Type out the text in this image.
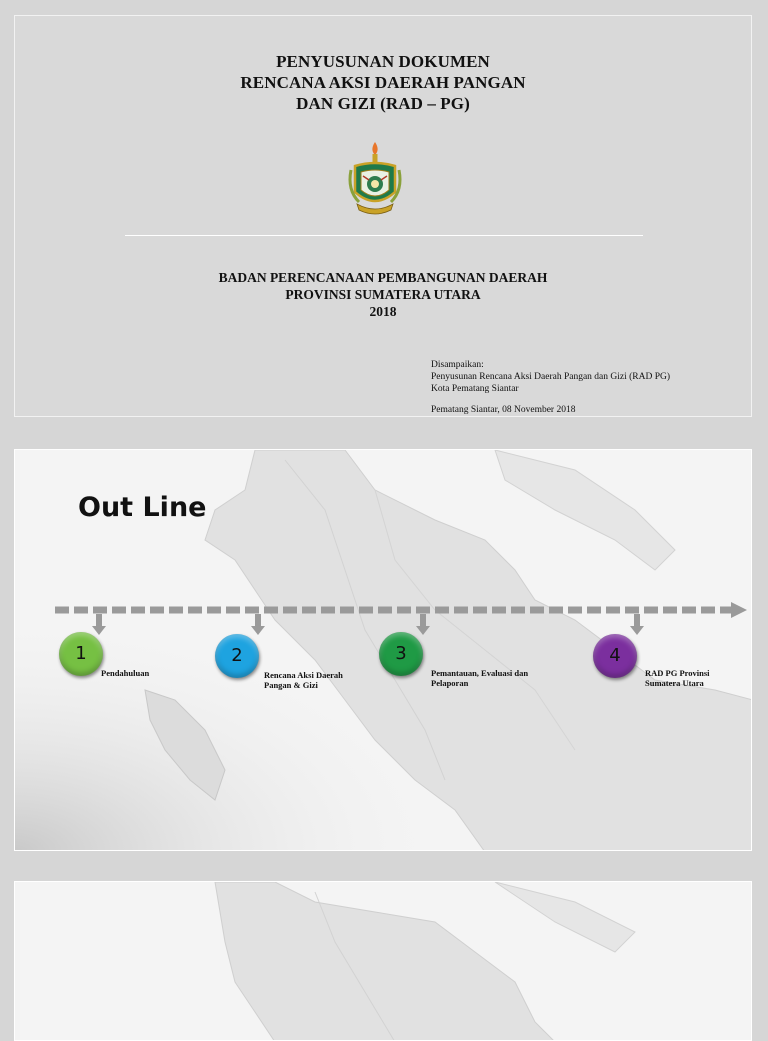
PENYUSUNAN DOKUMEN
RENCANA AKSI DAERAH PANGAN
DAN GIZI (RAD – PG)
BADAN PERENCANAAN PEMBANGUNAN DAERAH
PROVINSI SUMATERA UTARA
2018
Disampaikan:
Penyusunan Rencana Aksi Daerah Pangan dan Gizi (RAD PG)
Kota Pematang Siantar
Pematang Siantar, 08 November 2018
Out Line
1
Pendahuluan
2
Rencana Aksi Daerah
Pangan & Gizi
3
Pemantauan, Evaluasi dan
Pelaporan
4
RAD PG Provinsi
Sumatera Utara
